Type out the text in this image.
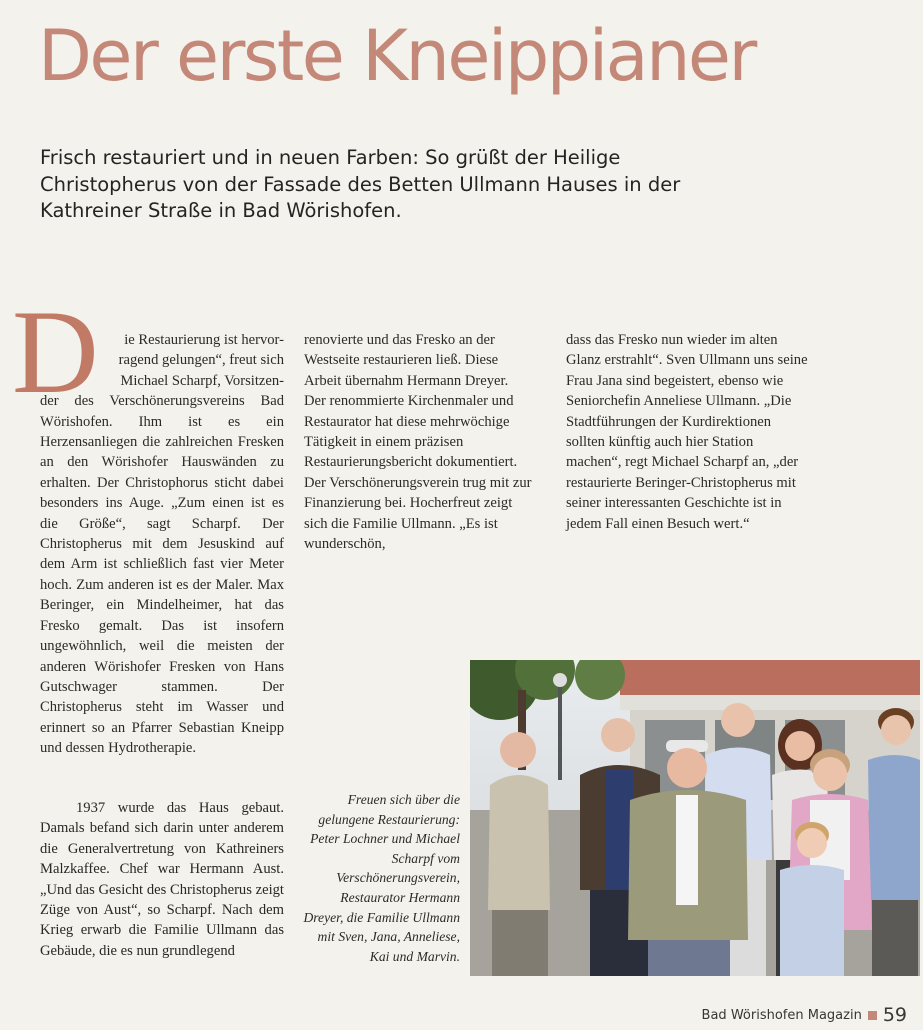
Der erste Kneippianer

Frisch restauriert und in neuen Farben: So grüßt der Heilige Christopherus von der Fassade des Betten Ullmann Hauses in der Kathreiner Straße in Bad Wörishofen.

D	ie Restaurierung ist hervor-
ragend gelungen“, freut sich
Michael Scharpf, Vorsitzen-

der des Verschönerungsvereins Bad Wörishofen. Ihm ist es ein Herzensanliegen die zahlreichen Fresken an den Wörishofer Hauswänden zu erhalten. Der Christophorus sticht dabei besonders ins Auge. „Zum einen ist es die Größe“, sagt Scharpf. Der Christopherus mit dem Jesuskind auf dem Arm ist schließlich fast vier Meter hoch. Zum anderen ist es der Maler. Max Beringer, ein Mindelheimer, hat das Fresko gemalt. Das ist insofern ungewöhnlich, weil die meisten der anderen Wörishofer Fresken von Hans Gutschwager stammen. Der Christopherus steht im Wasser und erinnert so an Pfarrer Sebastian Kneipp und dessen Hydrotherapie.

1937 wurde das Haus gebaut. Damals befand sich darin unter anderem die Generalvertretung von Kathreiners Malzkaffee. Chef war Hermann Aust. „Und das Gesicht des Christopherus zeigt Züge von Aust“, so Scharpf. Nach dem Krieg erwarb die Familie Ullmann das Gebäude, die es nun grundlegend

renovierte und das Fresko an der Westseite restaurieren ließ. Diese Arbeit übernahm Hermann Dreyer. Der renommierte Kirchenmaler und Restaurator hat diese mehrwöchige Tätigkeit in einem präzisen Restaurierungsbericht dokumentiert. Der Verschönerungsverein trug mit zur Finanzierung bei. Hocherfreut zeigt sich die Familie Ullmann. „Es ist wunderschön,

dass das Fresko nun wieder im alten Glanz erstrahlt“. Sven Ullmann uns seine Frau Jana sind begeistert, ebenso wie Seniorchefin Anneliese Ullmann. „Die Stadtführungen der Kurdirektionen sollten künftig auch hier Station machen“, regt Michael Scharpf an, „der restaurierte Beringer-Christopherus mit seiner interessanten Geschichte ist in jedem Fall einen Besuch wert.“

Freuen sich über die gelungene Restaurierung: Peter Lochner und Michael Scharpf vom Verschönerungsverein, Restaurator Hermann Dreyer, die Familie Ullmann mit Sven, Jana, Anneliese, Kai und Marvin.
Bad Wörishofen Magazin 59
